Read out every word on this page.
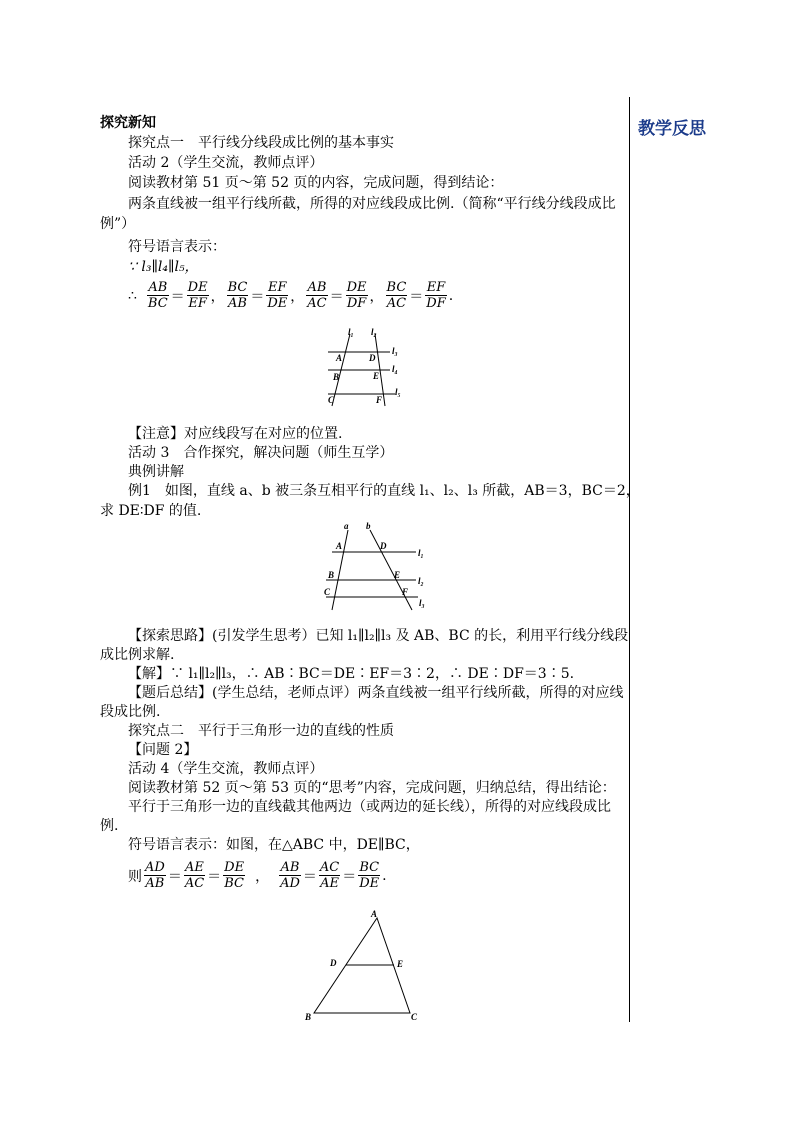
教学反思
探究新知
探究点一　平行线分线段成比例的基本事实
活动 2（学生交流，教师点评）
阅读教材第 51 页～第 52 页的内容，完成问题，得到结论：
两条直线被一组平行线所截，所得的对应线段成比例.（简称“平行线分线段成比
例”）
符号语言表示：
∵ l₃∥l₄∥l₅，
∴ $\frac{AB}{BC} = \frac{DE}{EF}$ ， $\frac{BC}{AB} = \frac{EF}{DE}$ ， $\frac{AB}{AC} = \frac{DE}{DF}$ ， $\frac{BC}{AC} = \frac{EF}{DF}$ .
l₁ l₂
l₃
l₄
l₅
A	D
B	E
C	F
【注意】对应线段写在对应的位置.
活动 3　合作探究，解决问题（师生互学）
典例讲解
例1　如图，直线 a、b 被三条互相平行的直线 l₁、l₂、l₃ 所截，AB＝3，BC＝2，
求 DE∶DF 的值.
a b
A	D
B	E
C	F
l₁
l₂
l₃
【探索思路】(引发学生思考）已知 l₁∥l₂∥l₃ 及 AB、BC 的长，利用平行线分线段
成比例求解.
【解】∵ l₁∥l₂∥l₃，∴ AB∶BC＝DE∶EF＝3∶2，∴ DE∶DF＝3∶5.
【题后总结】(学生总结，老师点评）两条直线被一组平行线所截，所得的对应线
段成比例.
探究点二　平行于三角形一边的直线的性质
【问题 2】
活动 4（学生交流，教师点评）
阅读教材第 52 页～第 53 页的“思考”内容，完成问题，归纳总结，得出结论：
平行于三角形一边的直线截其他两边（或两边的延长线），所得的对应线段成比
例.
符号语言表示：如图，在△ABC 中，DE∥BC，
则 $\frac{AD}{AB} = \frac{AE}{AC} = \frac{DE}{BC}$ ， $\frac{AB}{AD} = \frac{AC}{AE} = \frac{BC}{DE}$ .
A
D	E
B	C
